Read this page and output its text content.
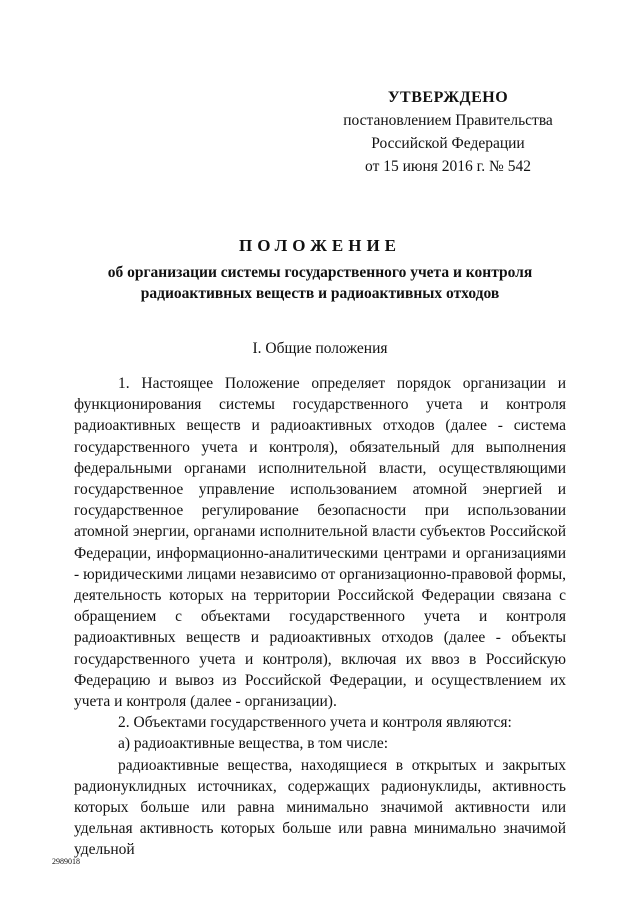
УТВЕРЖДЕНО
постановлением Правительства
Российской Федерации
от 15 июня 2016 г. № 542
ПОЛОЖЕНИЕ
об организации системы государственного учета и контроля радиоактивных веществ и радиоактивных отходов
I. Общие положения

1. Настоящее Положение определяет порядок организации и функционирования системы государственного учета и контроля радиоактивных веществ и радиоактивных отходов (далее - система государственного учета и контроля), обязательный для выполнения федеральными органами исполнительной власти, осуществляющими государственное управление использованием атомной энергией и государственное регулирование безопасности при использовании атомной энергии, органами исполнительной власти субъектов Российской Федерации, информационно-аналитическими центрами и организациями - юридическими лицами независимо от организационно-правовой формы, деятельность которых на территории Российской Федерации связана с обращением с объектами государственного учета и контроля радиоактивных веществ и радиоактивных отходов (далее - объекты государственного учета и контроля), включая их ввоз в Российскую Федерацию и вывоз из Российской Федерации, и осуществлением их учета и контроля (далее - организации).

2. Объектами государственного учета и контроля являются:

а) радиоактивные вещества, в том числе:

радиоактивные вещества, находящиеся в открытых и закрытых радионуклидных источниках, содержащих радионуклиды, активность которых больше или равна минимально значимой активности или удельная активность которых больше или равна минимально значимой удельной

2989018
